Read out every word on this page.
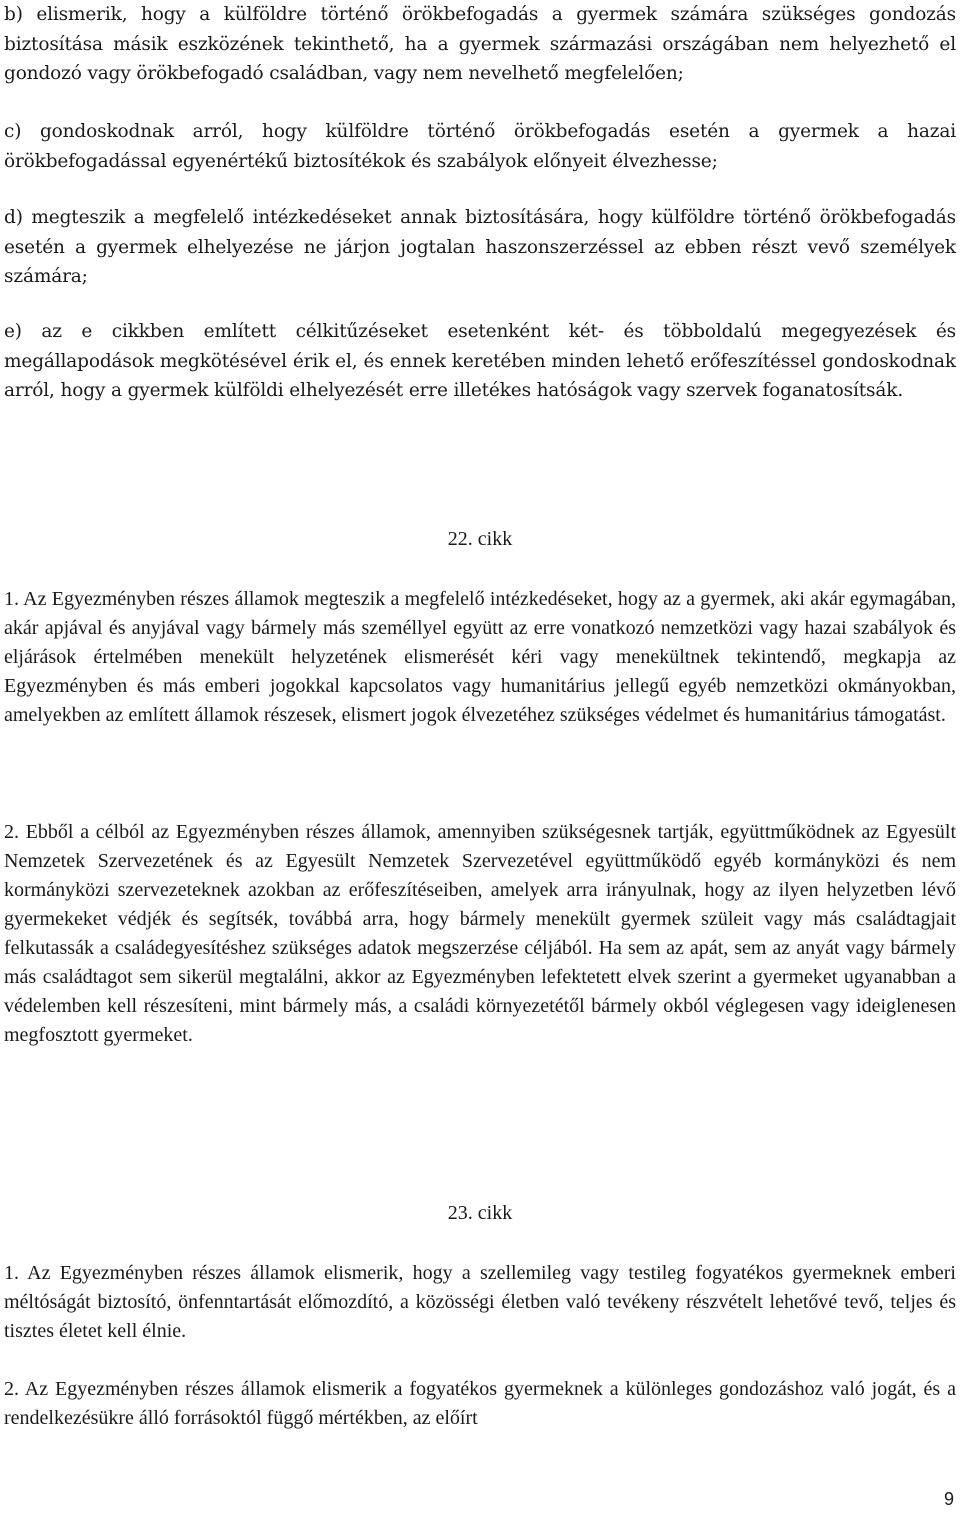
b) elismerik, hogy a külföldre történő örökbefogadás a gyermek számára szükséges gondozás biztosítása másik eszközének tekinthető, ha a gyermek származási országában nem helyezhető el gondozó vagy örökbefogadó családban, vagy nem nevelhető megfelelően;

c) gondoskodnak arról, hogy külföldre történő örökbefogadás esetén a gyermek a hazai örökbefogadással egyenértékű biztosítékok és szabályok előnyeit élvezhesse;

d) megteszik a megfelelő intézkedéseket annak biztosítására, hogy külföldre történő örökbefogadás esetén a gyermek elhelyezése ne járjon jogtalan haszonszerzéssel az ebben részt vevő személyek számára;

e) az e cikkben említett célkitűzéseket esetenként két- és többoldalú megegyezések és megállapodások megkötésével érik el, és ennek keretében minden lehető erőfeszítéssel gondoskodnak arról, hogy a gyermek külföldi elhelyezését erre illetékes hatóságok vagy szervek foganatosítsák.

22. cikk

1. Az Egyezményben részes államok megteszik a megfelelő intézkedéseket, hogy az a gyermek, aki akár egymagában, akár apjával és anyjával vagy bármely más személlyel együtt az erre vonatkozó nemzetközi vagy hazai szabályok és eljárások értelmében menekült helyzetének elismerését kéri vagy menekültnek tekintendő, megkapja az Egyezményben és más emberi jogokkal kapcsolatos vagy humanitárius jellegű egyéb nemzetközi okmányokban, amelyekben az említett államok részesek, elismert jogok élvezetéhez szükséges védelmet és humanitárius támogatást.

2. Ebből a célból az Egyezményben részes államok, amennyiben szükségesnek tartják, együttműködnek az Egyesült Nemzetek Szervezetének és az Egyesült Nemzetek Szervezetével együttműködő egyéb kormányközi és nem kormányközi szervezeteknek azokban az erőfeszítéseiben, amelyek arra irányulnak, hogy az ilyen helyzetben lévő gyermekeket védjék és segítsék, továbbá arra, hogy bármely menekült gyermek szüleit vagy más családtagjait felkutassák a családegyesítéshez szükséges adatok megszerzése céljából. Ha sem az apát, sem az anyát vagy bármely más családtagot sem sikerül megtalálni, akkor az Egyezményben lefektetett elvek szerint a gyermeket ugyanabban a védelemben kell részesíteni, mint bármely más, a családi környezetétől bármely okból véglegesen vagy ideiglenesen megfosztott gyermeket.

23. cikk

1. Az Egyezményben részes államok elismerik, hogy a szellemileg vagy testileg fogyatékos gyermeknek emberi méltóságát biztosító, önfenntartását előmozdító, a közösségi életben való tevékeny részvételt lehetővé tevő, teljes és tisztes életet kell élnie.

2. Az Egyezményben részes államok elismerik a fogyatékos gyermeknek a különleges gondozáshoz való jogát, és a rendelkezésükre álló forrásoktól függő mértékben, az előírt

9
